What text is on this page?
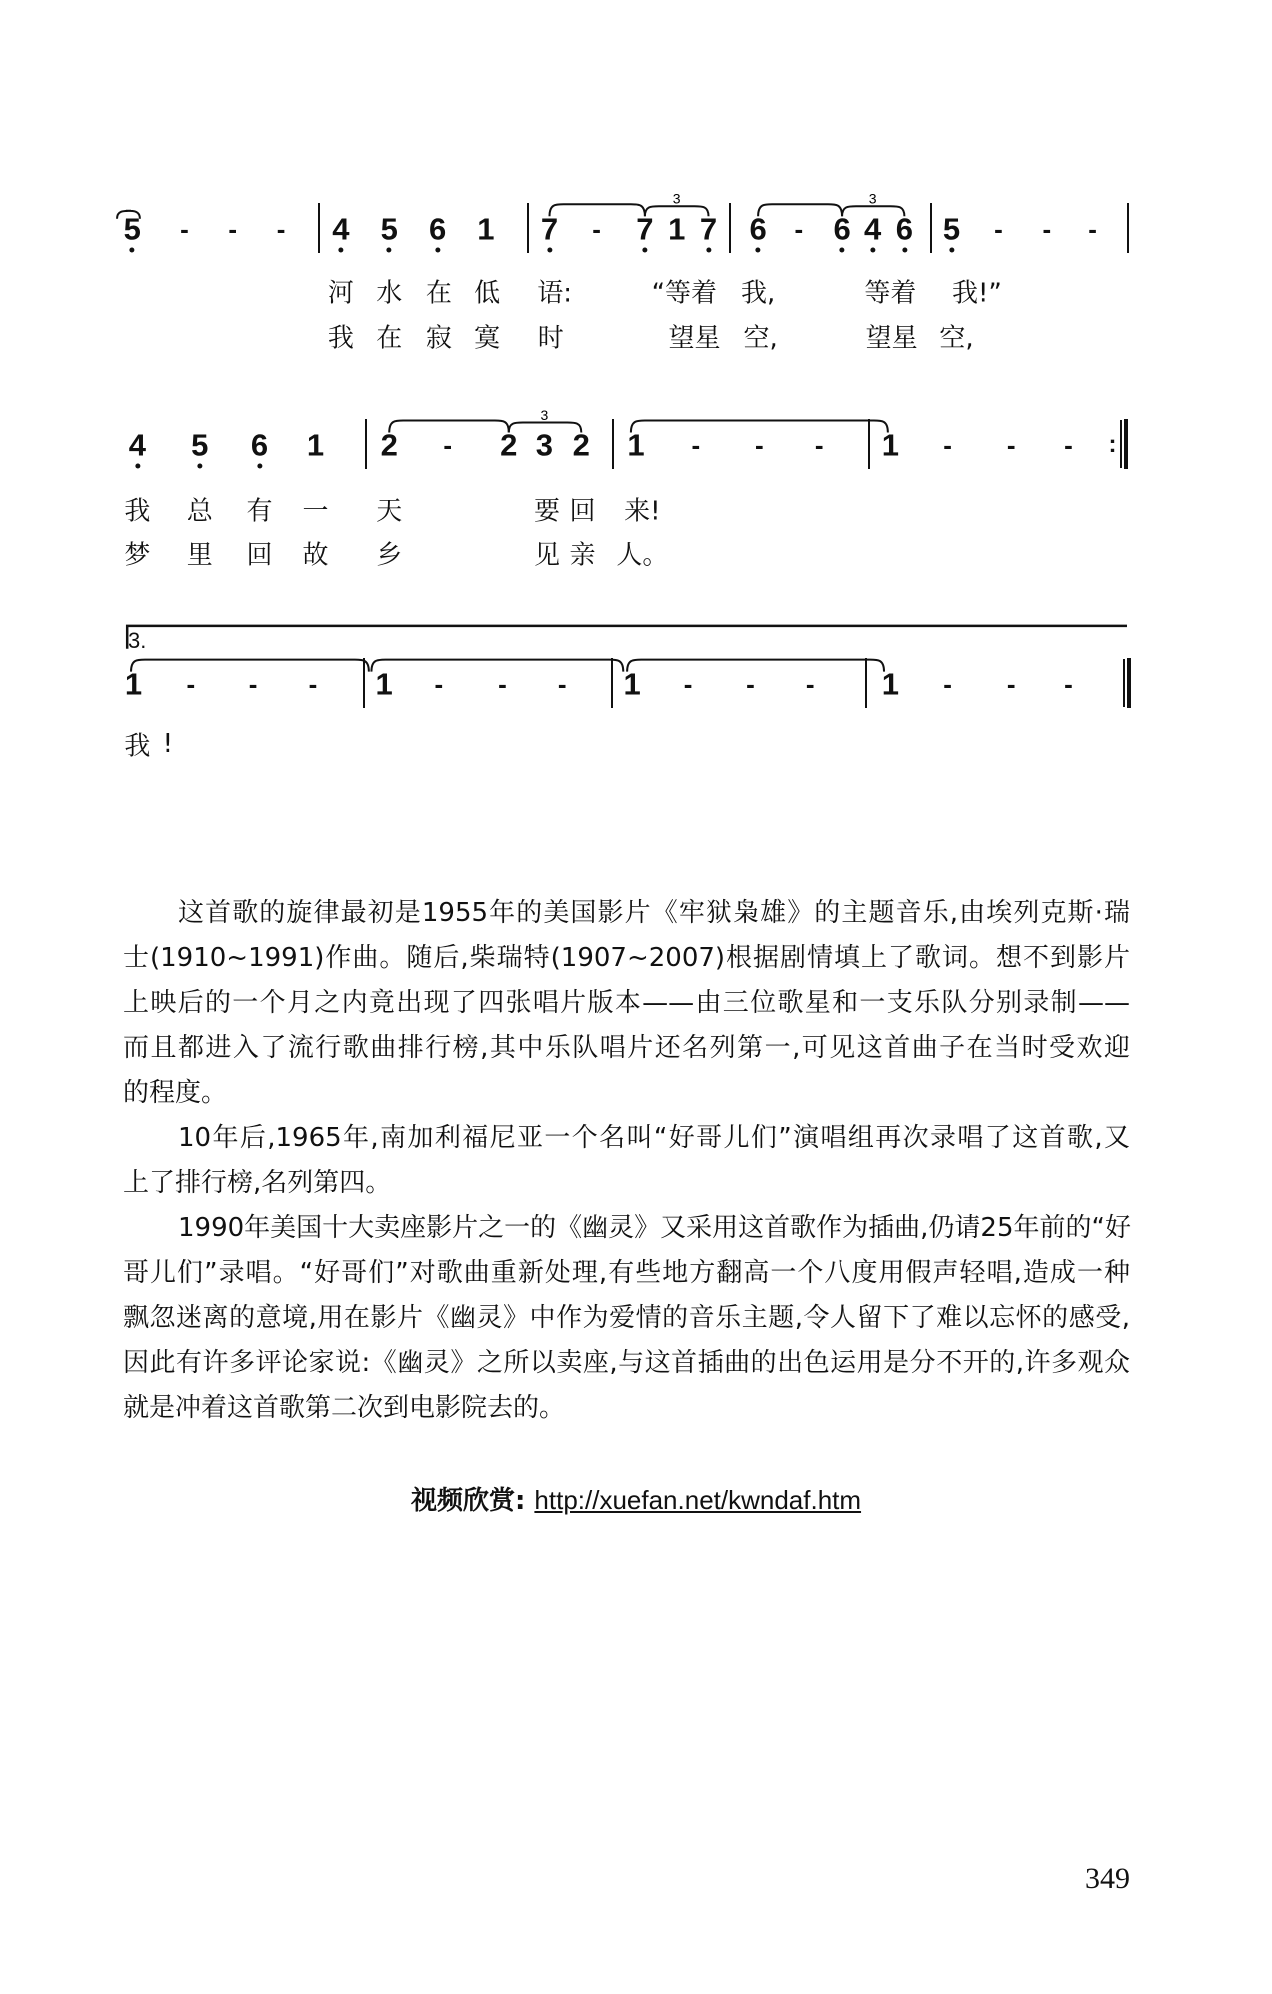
5 - - - 4 5 6 1 7 - 7 1 7 6 - 6 4 6 5 - - -
河 水 在 低 语:	“等着 我,	等着 我!”
我 在 寂 寞 时	望星 空,	望星 空,
4 5 6 1 2 - 2 3 2 1 - - - 1 - - - :
我 总 有 一 天	要 回 来!
梦 里 回 故 乡	见 亲 人。
1 - - - 1 - - - 1 - - - 1 - - -
我 !
3	3
3
3.
这首歌的旋律最初是1955年的美国影片《牢狱枭雄》的主题音乐,由埃列克斯·瑞
士(1910~1991)作曲。随后,柴瑞特(1907~2007)根据剧情填上了歌词。想不到影片
上映后的一个月之内竟出现了四张唱片版本——由三位歌星和一支乐队分别录制——
而且都进入了流行歌曲排行榜,其中乐队唱片还名列第一,可见这首曲子在当时受欢迎
的程度。
10年后,1965年,南加利福尼亚一个名叫“好哥儿们”演唱组再次录唱了这首歌,又
上了排行榜,名列第四。
1990年美国十大卖座影片之一的《幽灵》又采用这首歌作为插曲,仍请25年前的“好
哥儿们”录唱。“好哥们”对歌曲重新处理,有些地方翻高一个八度用假声轻唱,造成一种
飘忽迷离的意境,用在影片《幽灵》中作为爱情的音乐主题,令人留下了难以忘怀的感受,
因此有许多评论家说:《幽灵》之所以卖座,与这首插曲的出色运用是分不开的,许多观众
就是冲着这首歌第二次到电影院去的。
视频欣赏: http://xuefan.net/kwndaf.htm
349
